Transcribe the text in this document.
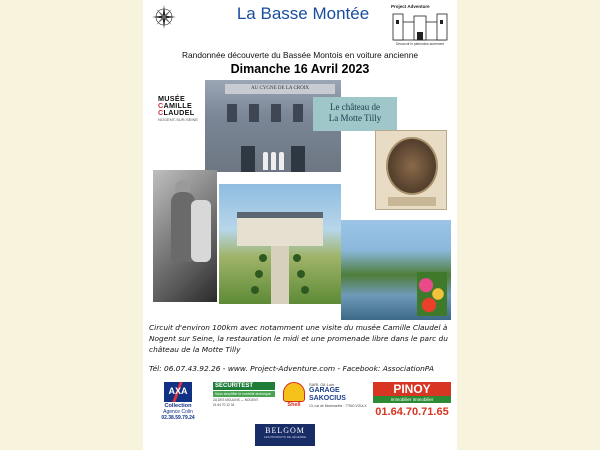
La Basse Montée	Project Adventure
Découvrir le patrimoine autrement
Randonnée découverte du Bassée Montois en voiture ancienne
Dimanche 16 Avril 2023
MUSÉE
CAMILLE
CLAUDEL
NOGENT-SUR-SEINE
AU CYGNE DE LA CROIX
Le château de
La Motte Tilly
Circuit d'environ 100km avec notamment une visite du musée Camille Claudel à Nogent sur Seine, la restauration le midi et une promenade libre dans le parc du château de la Motte Tilly
Tél: 06.07.43.92.26 - www. Project-Adventure.com - Facebook: AssociationPA
AXA
Collection
Agence Colin
02.38.59.79.24
SECURITEST
Vous simplifier le contrôle technique
ZA DES MOULINS — NOGENT
01 64 70 12 34	Shell
SARL Gil-Luis
GARAGE
SAKOCIUS
13, rue de Montmarthe - 77940 VOULX
PINOY
Immobilier Immobilier
01.64.70.71.65
BELGOM
LES PRODUITS DE LÉGENDE
